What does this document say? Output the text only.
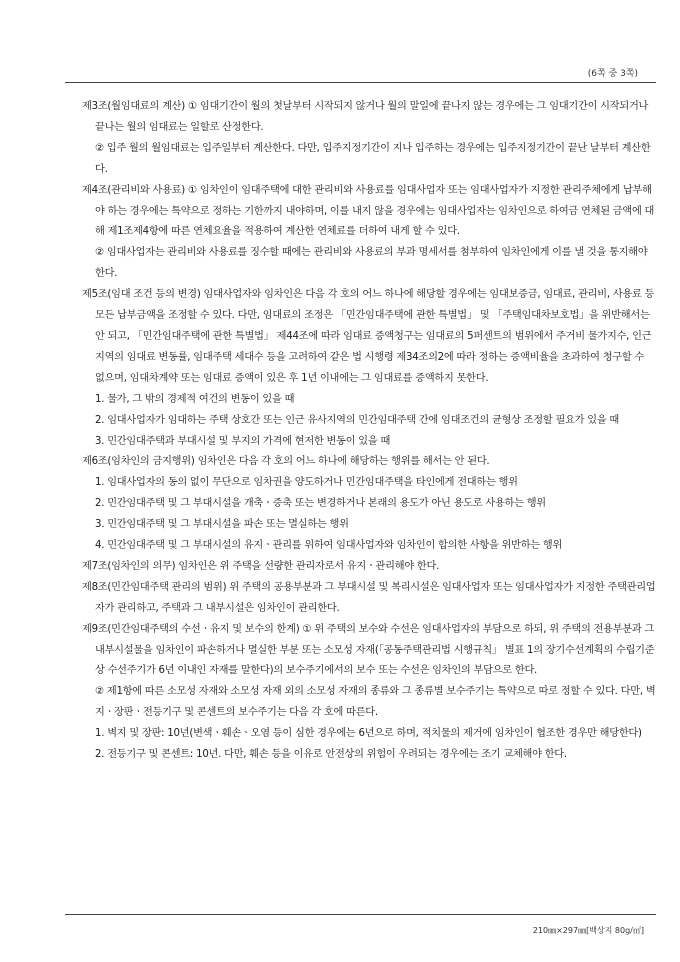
(6쪽 중 3쪽)

제3조(월임대료의 계산) ① 임대기간이 월의 첫날부터 시작되지 않거나 월의 말일에 끝나지 않는 경우에는 그 임대기간이 시작되거나 끝나는 월의 임대료는 일할로 산정한다.

② 입주 월의 월임대료는 입주일부터 계산한다. 다만, 입주지정기간이 지나 입주하는 경우에는 입주지정기간이 끝난 날부터 계산한다.

제4조(관리비와 사용료) ① 임차인이 임대주택에 대한 관리비와 사용료를 임대사업자 또는 임대사업자가 지정한 관리주체에게 납부해야 하는 경우에는 특약으로 정하는 기한까지 내야하며, 이를 내지 않을 경우에는 임대사업자는 임차인으로 하여금 연체된 금액에 대해 제1조제4항에 따른 연체요율을 적용하여 계산한 연체료를 더하여 내게 할 수 있다.

② 임대사업자는 관리비와 사용료를 징수할 때에는 관리비와 사용료의 부과 명세서를 첨부하여 임차인에게 이를 낼 것을 통지해야 한다.

제5조(임대 조건 등의 변경) 임대사업자와 임차인은 다음 각 호의 어느 하나에 해당할 경우에는 임대보증금, 임대료, 관리비, 사용료 등 모든 납부금액을 조정할 수 있다. 다만, 임대료의 조정은 「민간임대주택에 관한 특별법」 및 「주택임대차보호법」을 위반해서는 안 되고, 「민간임대주택에 관한 특별법」 제44조에 따라 임대료 증액청구는 임대료의 5퍼센트의 범위에서 주거비 물가지수, 인근 지역의 임대료 변동률, 임대주택 세대수 등을 고려하여 같은 법 시행령 제34조의2에 따라 정하는 증액비율을 초과하여 청구할 수 없으며, 임대차계약 또는 임대료 증액이 있은 후 1년 이내에는 그 임대료를 증액하지 못한다.

1. 물가, 그 밖의 경제적 여건의 변동이 있을 때

2. 임대사업자가 임대하는 주택 상호간 또는 인근 유사지역의 민간임대주택 간에 임대조건의 균형상 조정할 필요가 있을 때

3. 민간임대주택과 부대시설 및 부지의 가격에 현저한 변동이 있을 때

제6조(임차인의 금지행위) 임차인은 다음 각 호의 어느 하나에 해당하는 행위를 해서는 안 된다.

1. 임대사업자의 동의 없이 무단으로 임차권을 양도하거나 민간임대주택을 타인에게 전대하는 행위

2. 민간임대주택 및 그 부대시설을 개축ㆍ증축 또는 변경하거나 본래의 용도가 아닌 용도로 사용하는 행위

3. 민간임대주택 및 그 부대시설을 파손 또는 멸실하는 행위

4. 민간임대주택 및 그 부대시설의 유지ㆍ관리를 위하여 임대사업자와 임차인이 합의한 사항을 위반하는 행위

제7조(임차인의 의무) 임차인은 위 주택을 선량한 관리자로서 유지ㆍ관리해야 한다.

제8조(민간임대주택 관리의 범위) 위 주택의 공용부분과 그 부대시설 및 복리시설은 임대사업자 또는 임대사업자가 지정한 주택관리업자가 관리하고, 주택과 그 내부시설은 임차인이 관리한다.

제9조(민간임대주택의 수선ㆍ유지 및 보수의 한계) ① 위 주택의 보수와 수선은 임대사업자의 부담으로 하되, 위 주택의 전용부분과 그 내부시설물을 임차인이 파손하거나 멸실한 부분 또는 소모성 자재(「공동주택관리법 시행규칙」 별표 1의 장기수선계획의 수립기준상 수선주기가 6년 이내인 자재를 말한다)의 보수주기에서의 보수 또는 수선은 임차인의 부담으로 한다.

② 제1항에 따른 소모성 자재와 소모성 자재 외의 소모성 자재의 종류와 그 종류별 보수주기는 특약으로 따로 정할 수 있다. 다만, 벽지ㆍ장판ㆍ전등기구 및 콘센트의 보수주기는 다음 각 호에 따른다.

1. 벽지 및 장판: 10년(변색ㆍ훼손ㆍ오염 등이 심한 경우에는 6년으로 하며, 적치물의 제거에 임차인이 협조한 경우만 해당한다)

2. 전등기구 및 콘센트: 10년. 다만, 훼손 등을 이유로 안전상의 위험이 우려되는 경우에는 조기 교체해야 한다.

210㎜×297㎜[백상지 80g/㎡]
